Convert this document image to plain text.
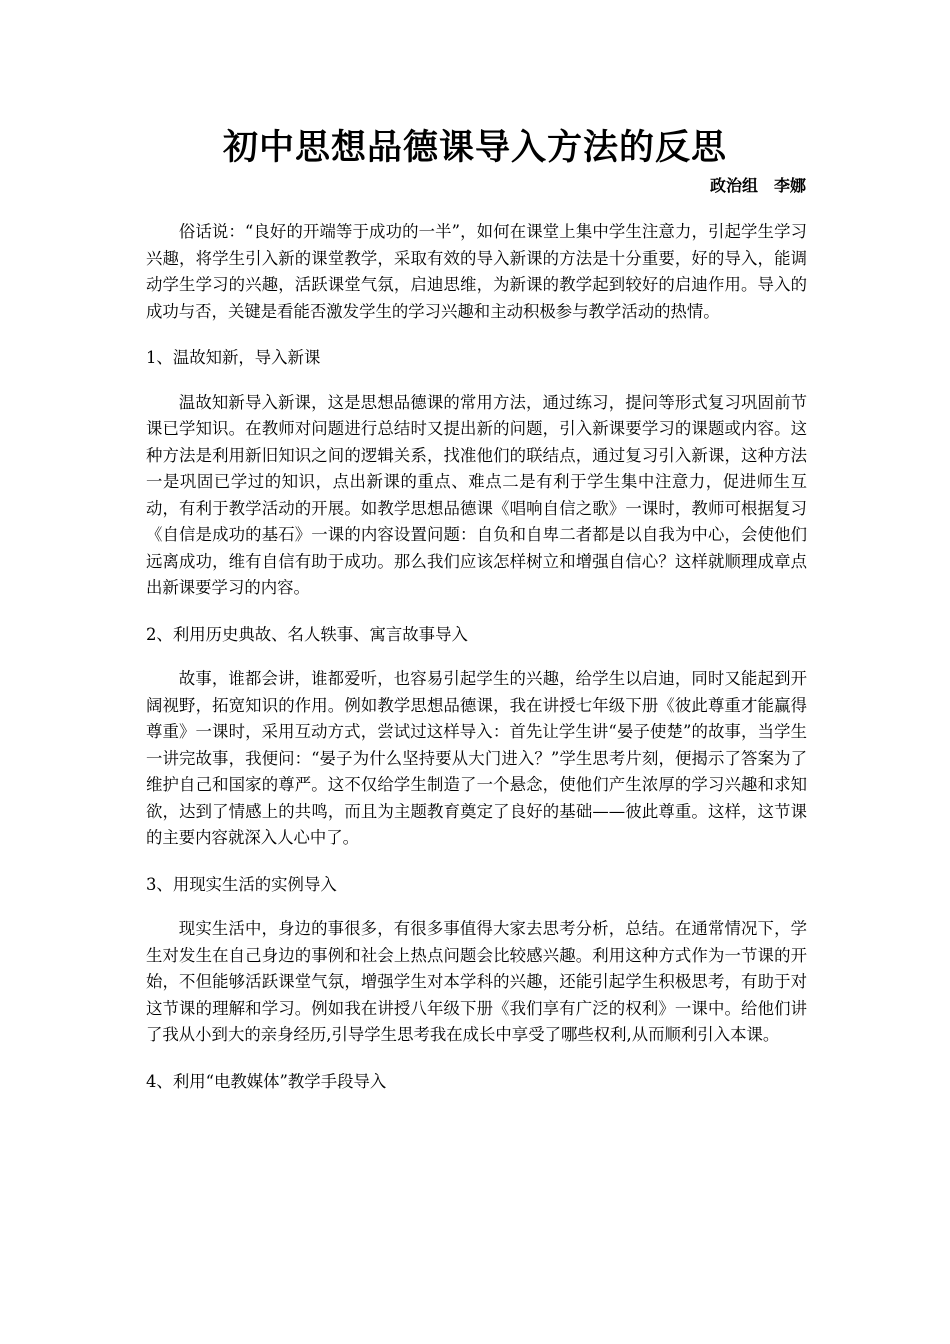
初中思想品德课导入方法的反思
政治组　李娜

俗话说：“良好的开端等于成功的一半”，如何在课堂上集中学生注意力，引起学生学习兴趣，将学生引入新的课堂教学，采取有效的导入新课的方法是十分重要，好的导入，能调动学生学习的兴趣，活跃课堂气氛，启迪思维，为新课的教学起到较好的启迪作用。导入的成功与否，关键是看能否激发学生的学习兴趣和主动积极参与教学活动的热情。

1、温故知新，导入新课

温故知新导入新课，这是思想品德课的常用方法，通过练习，提问等形式复习巩固前节课已学知识。在教师对问题进行总结时又提出新的问题，引入新课要学习的课题或内容。这种方法是利用新旧知识之间的逻辑关系，找准他们的联结点，通过复习引入新课，这种方法一是巩固已学过的知识，点出新课的重点、难点二是有利于学生集中注意力，促进师生互动，有利于教学活动的开展。如教学思想品德课《唱响自信之歌》一课时，教师可根据复习《自信是成功的基石》一课的内容设置问题：自负和自卑二者都是以自我为中心，会使他们远离成功，维有自信有助于成功。那么我们应该怎样树立和增强自信心？这样就顺理成章点出新课要学习的内容。

2、利用历史典故、名人轶事、寓言故事导入

故事，谁都会讲，谁都爱听，也容易引起学生的兴趣，给学生以启迪，同时又能起到开阔视野，拓宽知识的作用。例如教学思想品德课，我在讲授七年级下册《彼此尊重才能赢得尊重》一课时，采用互动方式，尝试过这样导入：首先让学生讲“晏子使楚”的故事，当学生一讲完故事，我便问：“晏子为什么坚持要从大门进入？”学生思考片刻，便揭示了答案为了维护自己和国家的尊严。这不仅给学生制造了一个悬念，使他们产生浓厚的学习兴趣和求知欲，达到了情感上的共鸣，而且为主题教育奠定了良好的基础——彼此尊重。这样，这节课的主要内容就深入人心中了。

3、用现实生活的实例导入

现实生活中，身边的事很多，有很多事值得大家去思考分析，总结。在通常情况下，学生对发生在自己身边的事例和社会上热点问题会比较感兴趣。利用这种方式作为一节课的开始，不但能够活跃课堂气氛，增强学生对本学科的兴趣，还能引起学生积极思考，有助于对这节课的理解和学习。例如我在讲授八年级下册《我们享有广泛的权利》一课中。给他们讲了我从小到大的亲身经历,引导学生思考我在成长中享受了哪些权利,从而顺利引入本课。

4、利用“电教媒体”教学手段导入
